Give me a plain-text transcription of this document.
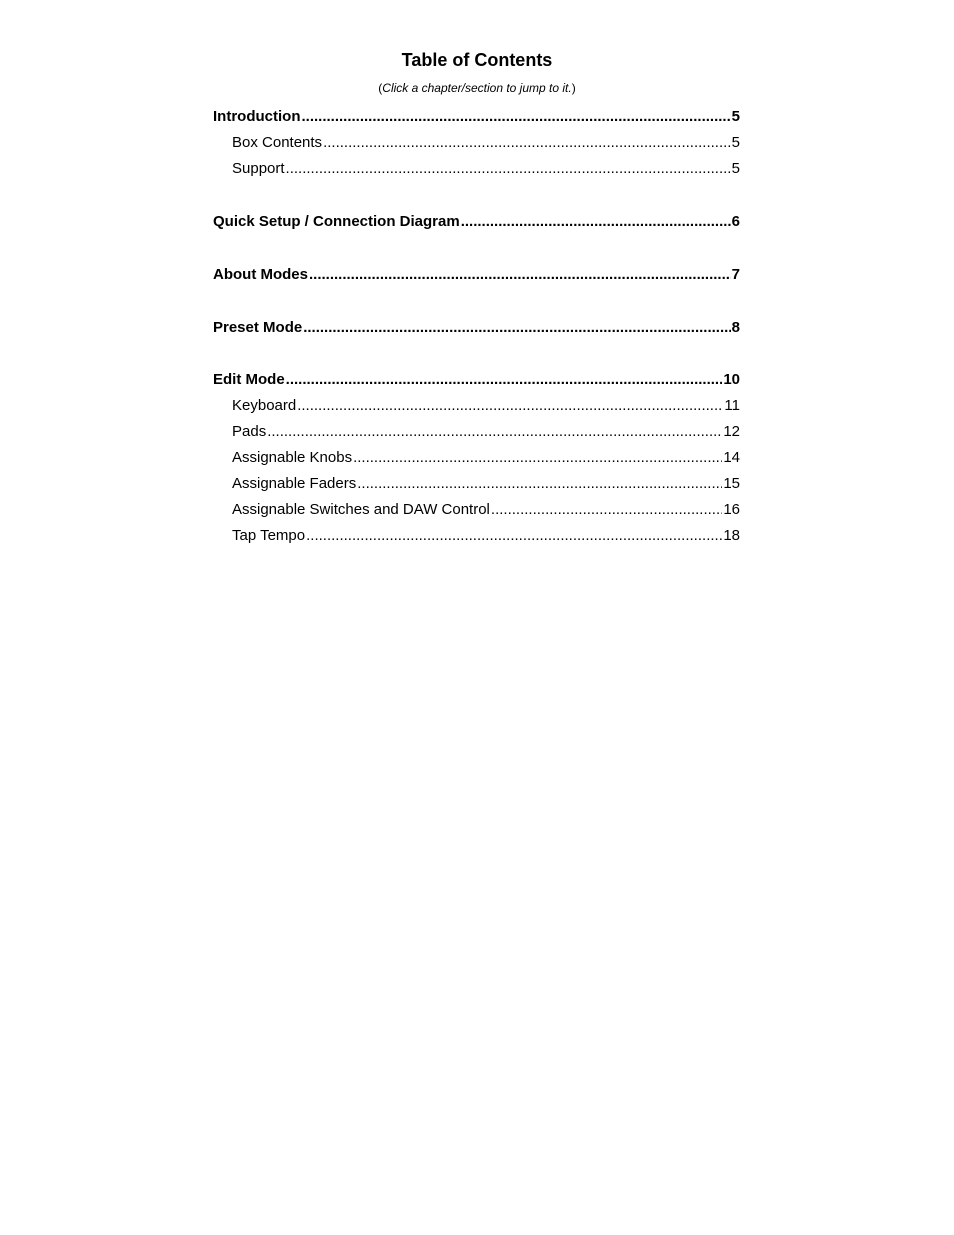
Table of Contents
(Click a chapter/section to jump to it.)
Introduction .....	5
Box Contents .....	5
Support .....	5
Quick Setup / Connection Diagram .....	6
About Modes .....	7
Preset Mode .....	8
Edit Mode .....	10
Keyboard .....	11
Pads .....	12
Assignable Knobs .....	14
Assignable Faders .....	15
Assignable Switches and DAW Control .....	16
Tap Tempo .....	18
